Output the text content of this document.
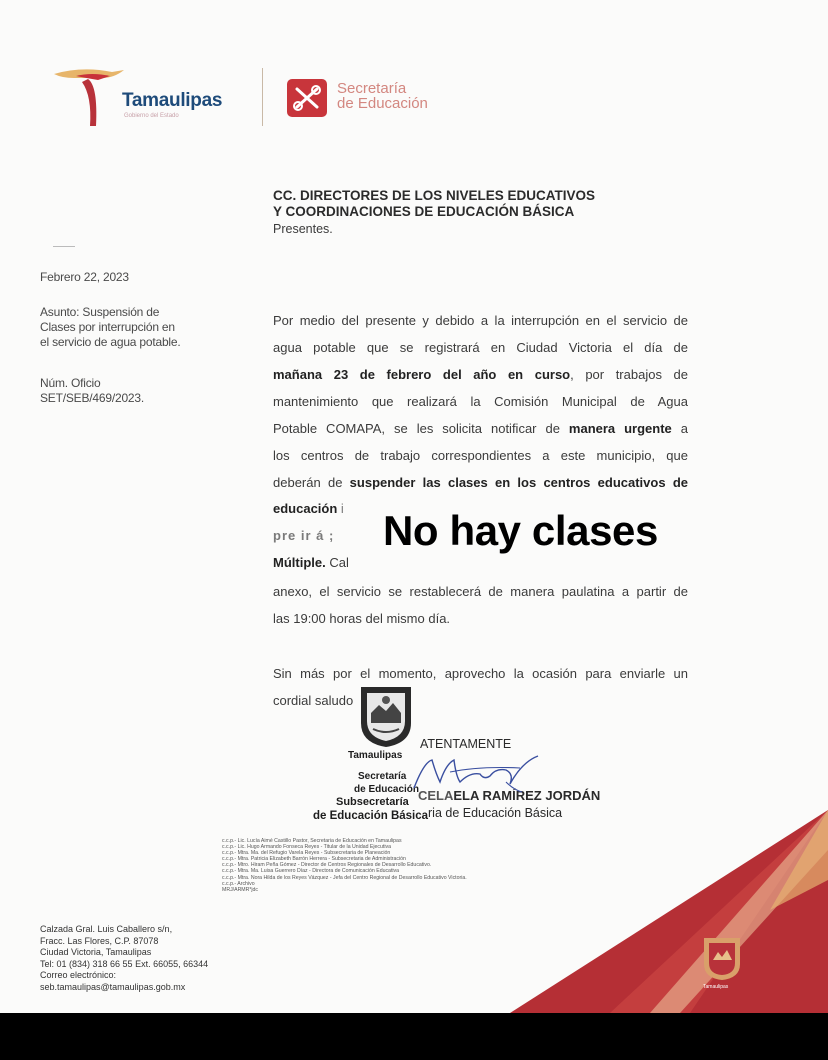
Tamaulipas
Gobierno del Estado
Secretaría
de Educación
CC. DIRECTORES DE LOS NIVELES EDUCATIVOS
Y COORDINACIONES DE EDUCACIÓN BÁSICA
Presentes.
Febrero 22, 2023

Asunto: Suspensión de

Clases por interrupción en

el servicio de agua potable.

Núm. Oficio

SET/SEB/469/2023.

Por medio del presente y debido a la interrupción en el servicio de
agua potable que se registrará en Ciudad Victoria el día de
mañana 23 de febrero del año en curso, por trabajos de
mantenimiento que realizará la Comisión Municipal de Agua
Potable COMAPA, se les solicita notificar de manera urgente a
los centros de trabajo correspondientes a este municipio, que
deberán de suspender las clases en los centros educativos de
educación i
pre ir á ;
Múltiple. Cal
anexo, el servicio se restablecerá de manera paulatina a partir de
las 19:00 horas del mismo día.
Sin más por el momento, aprovecho la ocasión para enviarle un
cordial saludo
No hay clases
Tamaulipas
Secretaría
de Educación
Subsecretaría
de Educación Básica
ATENTAMENTE
CELAELA RAMÍREZ JORDÁN
ria de Educación Básica
c.c.p.- Lic. Lucía Aimé Castillo Pastor, Secretaria de Educación en Tamaulipas
c.c.p.- Lic. Hugo Armando Fonseca Reyes - Titular de la Unidad Ejecutiva
c.c.p.- Mtra. Ma. del Refugio Varela Reyes - Subsecretaria de Planeación
c.c.p.- Mtra. Patricia Elizabeth Barrón Herrera - Subsecretaria de Administración
c.c.p.- Mtro. Hiram Peña Gómez - Director de Centros Regionales de Desarrollo Educativo.
c.c.p.- Mtra. Ma. Luisa Guerrero Díaz - Directora de Comunicación Educativa
c.c.p.- Mtra. Nora Hilda de los Reyes Vázquez - Jefa del Centro Regional de Desarrollo Educativo Victoria.
c.c.p.- Archivo
MRJ/ARMR*jdc
Tamaulipas
Calzada Gral. Luis Caballero s/n,
Fracc. Las Flores, C.P. 87078
Ciudad Victoria, Tamaulipas
Tel: 01 (834) 318 66 55 Ext. 66055, 66344
Correo electrónico:
seb.tamaulipas@tamaulipas.gob.mx
